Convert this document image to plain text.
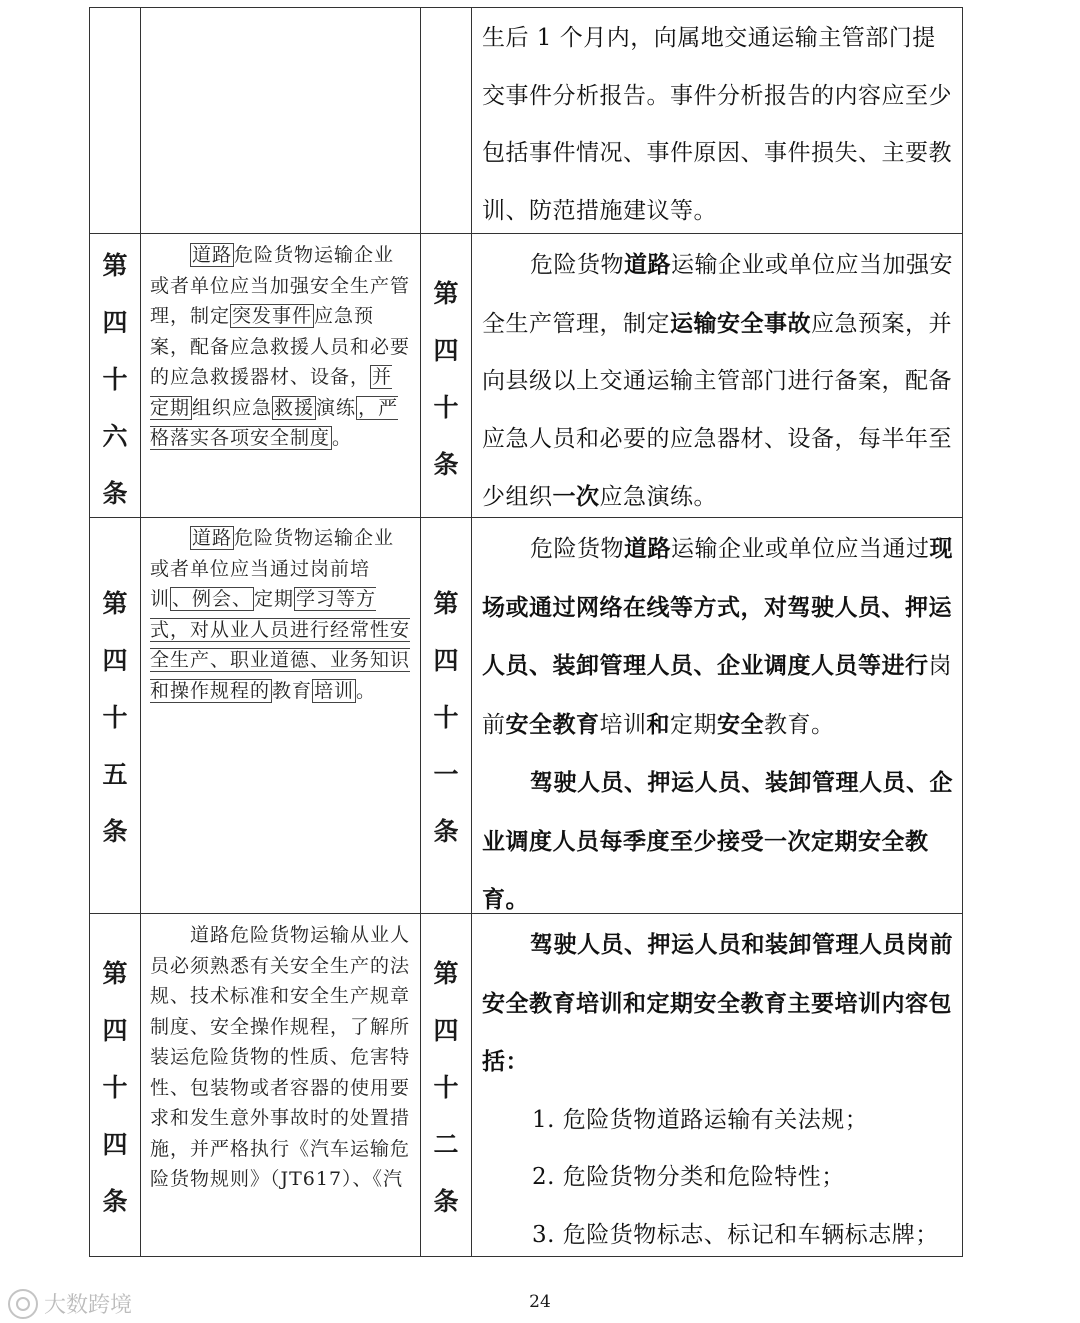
生后 1 个月内，向属地交通运输主管部门提交事件分析报告。事件分析报告的内容应至少包括事件情况、事件原因、事件损失、主要教训、防范措施建议等。

第
四
十
六
条
道路 危险货物运输企业或者单位应当加强安全生产管理，制定 突发事件 应急预案，配备应急救援人员和必要的应急救援器材、设备， 并定期 组织应急 救援 演练 ，严格落实各项安全制度 。
第
四
十
条

危险货物道路运输企业或单位应当加强安全生产管理，制定运输安全事故应急预案，并向县级以上交通运输主管部门进行备案，配备应急人员和必要的应急器材、设备，每半年至少组织一次应急演练。

第
四
十
五
条
道路 危险货物运输企业或者单位应当通过岗前培训 、例会、 定期 学习等方式，对从业人员进行经常性安全生产、职业道德、业务知识和操作规程的 教育 培训 。
第
四
十
一
条

危险货物道路运输企业或单位应当通过现场或通过网络在线等方式，对驾驶人员、押运人员、装卸管理人员、企业调度人员等进行岗前安全教育培训和定期安全教育。

驾驶人员、押运人员、装卸管理人员、企业调度人员每季度至少接受一次定期安全教育。

第
四
十
四
条
道路危险货物运输从业人员必须熟悉有关安全生产的法规、技术标准和安全生产规章制度、安全操作规程，了解所装运危险货物的性质、危害特性、包装物或者容器的使用要求和发生意外事故时的处置措施，并严格执行《汽车运输危险货物规则》（JT617）、《汽
第
四
十
二
条

驾驶人员、押运人员和装卸管理人员岗前安全教育培训和定期安全教育主要培训内容包括：

1. 危险货物道路运输有关法规；

2. 危险货物分类和危险特性；

3. 危险货物标志、标记和车辆标志牌；

24
大数跨境
